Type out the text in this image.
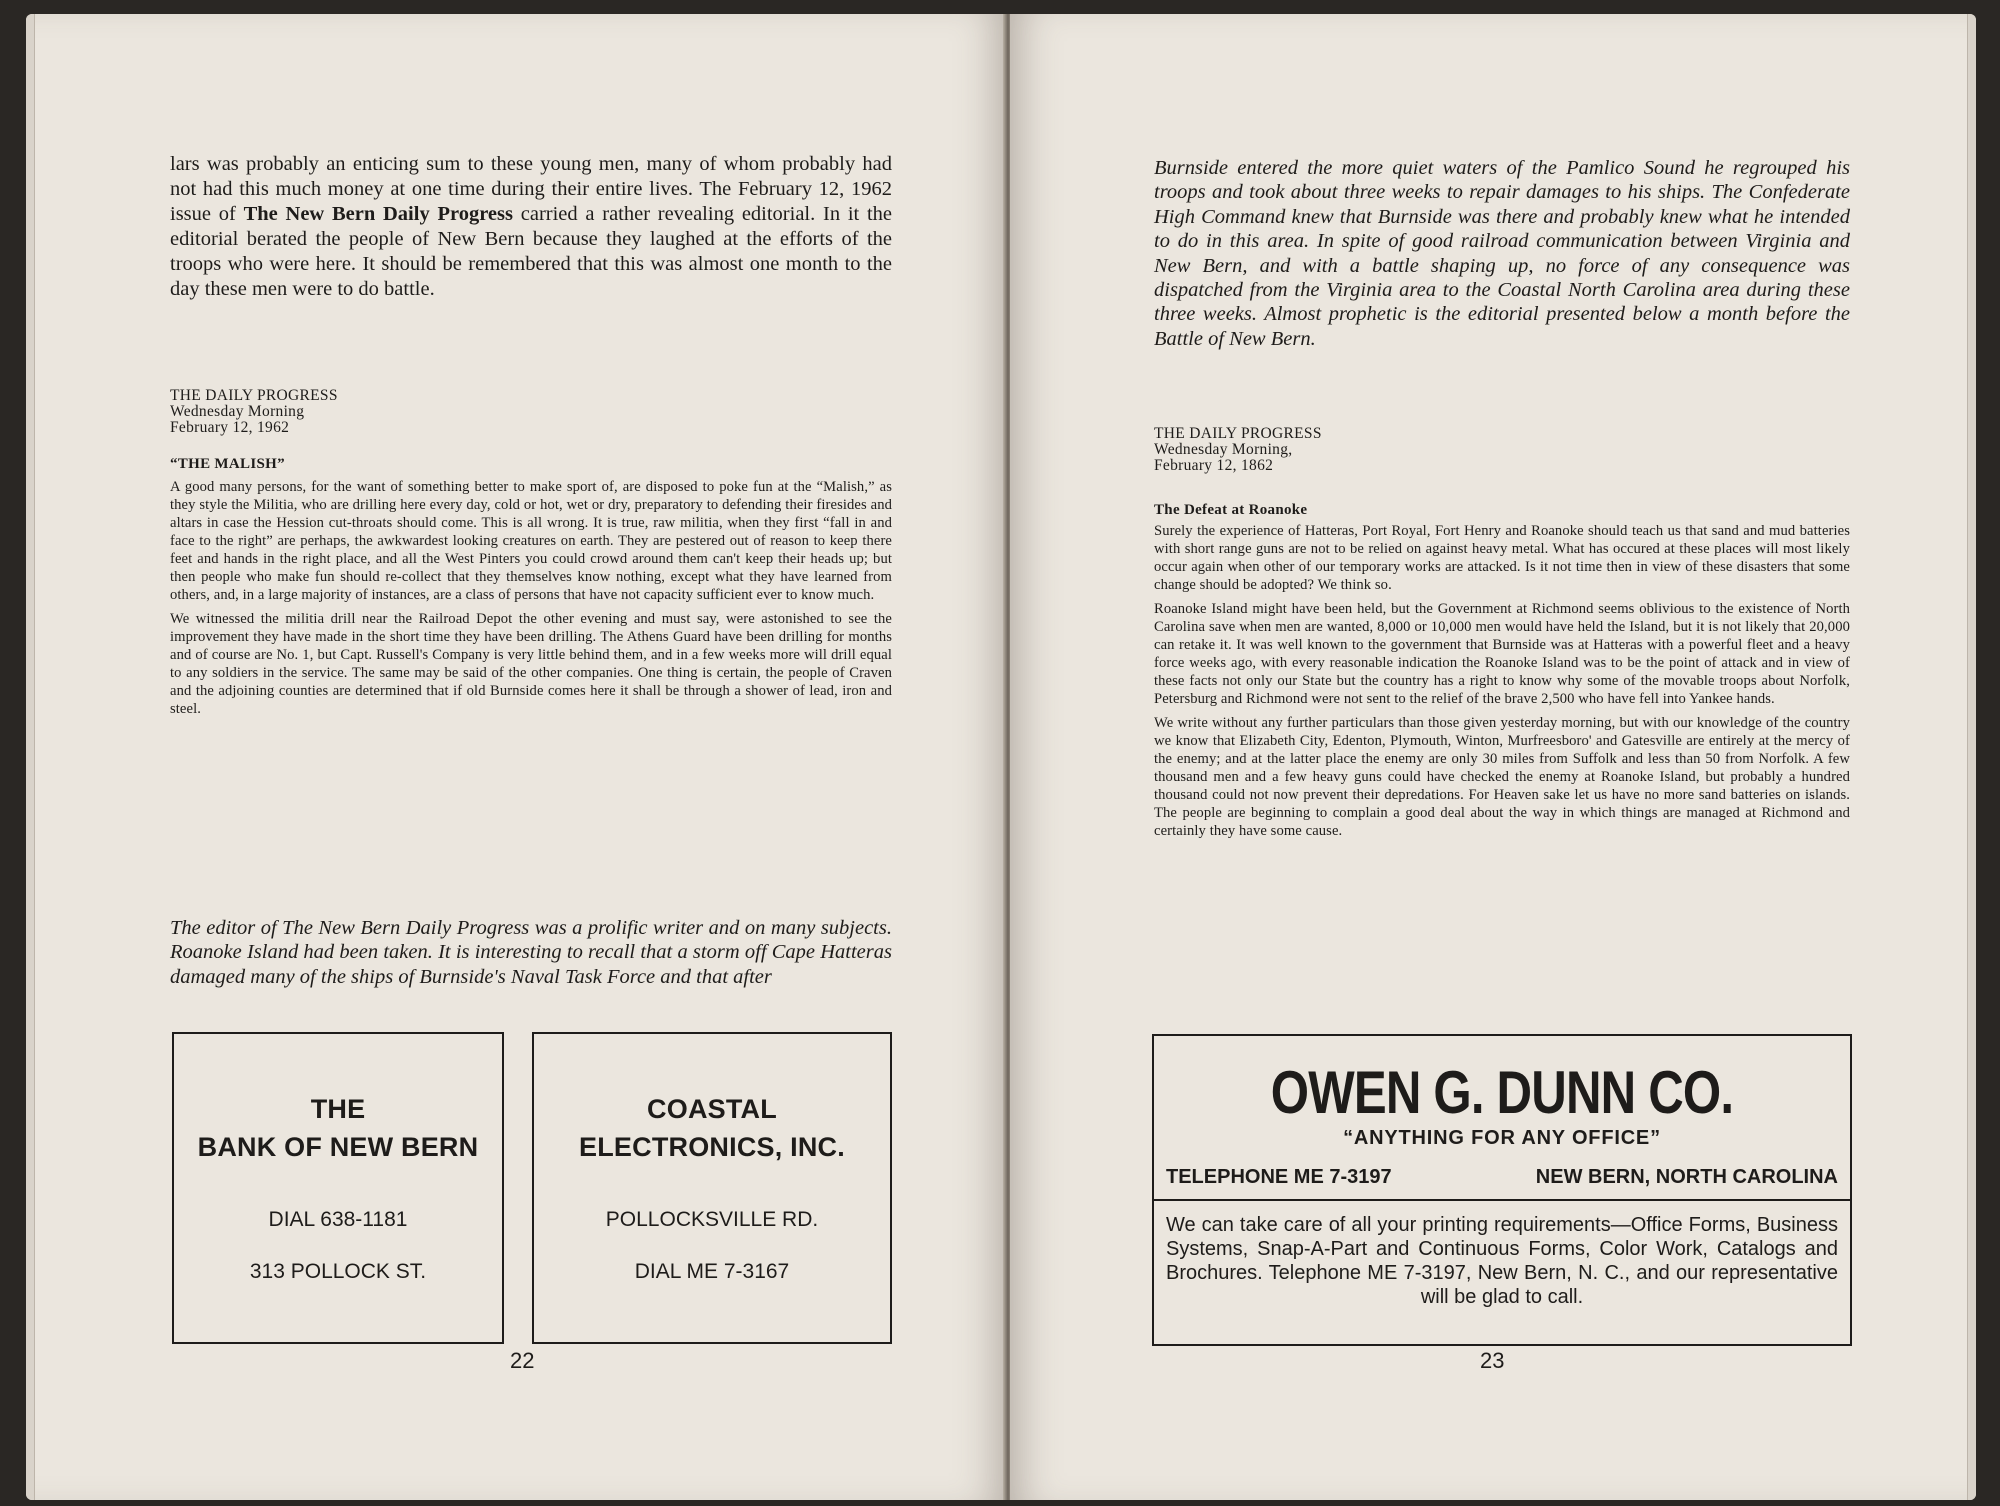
lars was probably an enticing sum to these young men, many of whom probably had not had this much money at one time during their entire lives. The February 12, 1962 issue of The New Bern Daily Progress carried a rather revealing editorial. In it the editorial berated the people of New Bern because they laughed at the efforts of the troops who were here. It should be remembered that this was almost one month to the day these men were to do battle.
THE DAILY PROGRESS
Wednesday Morning
February 12, 1962
“THE MALISH”

A good many persons, for the want of something better to make sport of, are disposed to poke fun at the “Malish,” as they style the Militia, who are drilling here every day, cold or hot, wet or dry, preparatory to defending their firesides and altars in case the Hession cut-throats should come. This is all wrong. It is true, raw militia, when they first “fall in and face to the right” are perhaps, the awkwardest looking creatures on earth. They are pestered out of reason to keep there feet and hands in the right place, and all the West Pinters you could crowd around them can't keep their heads up; but then people who make fun should re-collect that they themselves know nothing, except what they have learned from others, and, in a large majority of instances, are a class of persons that have not capacity sufficient ever to know much.

We witnessed the militia drill near the Railroad Depot the other evening and must say, were astonished to see the improvement they have made in the short time they have been drilling. The Athens Guard have been drilling for months and of course are No. 1, but Capt. Russell's Company is very little behind them, and in a few weeks more will drill equal to any soldiers in the service. The same may be said of the other companies. One thing is certain, the people of Craven and the adjoining counties are determined that if old Burnside comes here it shall be through a shower of lead, iron and steel.

The editor of The New Bern Daily Progress was a prolific writer and on many subjects. Roanoke Island had been taken. It is interesting to recall that a storm off Cape Hatteras damaged many of the ships of Burnside's Naval Task Force and that after
THE
BANK OF NEW BERN
DIAL 638-1181
313 POLLOCK ST.
COASTAL
ELECTRONICS, INC.
POLLOCKSVILLE RD.
DIAL ME 7-3167
22
Burnside entered the more quiet waters of the Pamlico Sound he regrouped his troops and took about three weeks to repair damages to his ships. The Confederate High Command knew that Burnside was there and probably knew what he intended to do in this area. In spite of good railroad communication between Virginia and New Bern, and with a battle shaping up, no force of any consequence was dispatched from the Virginia area to the Coastal North Carolina area during these three weeks. Almost prophetic is the editorial presented below a month before the Battle of New Bern.
THE DAILY PROGRESS
Wednesday Morning,
February 12, 1862
The Defeat at Roanoke

Surely the experience of Hatteras, Port Royal, Fort Henry and Roanoke should teach us that sand and mud batteries with short range guns are not to be relied on against heavy metal. What has occured at these places will most likely occur again when other of our temporary works are attacked. Is it not time then in view of these disasters that some change should be adopted? We think so.

Roanoke Island might have been held, but the Government at Richmond seems oblivious to the existence of North Carolina save when men are wanted, 8,000 or 10,000 men would have held the Island, but it is not likely that 20,000 can retake it. It was well known to the government that Burnside was at Hatteras with a powerful fleet and a heavy force weeks ago, with every reasonable indication the Roanoke Island was to be the point of attack and in view of these facts not only our State but the country has a right to know why some of the movable troops about Norfolk, Petersburg and Richmond were not sent to the relief of the brave 2,500 who have fell into Yankee hands.

We write without any further particulars than those given yesterday morning, but with our knowledge of the country we know that Elizabeth City, Edenton, Plymouth, Winton, Murfreesboro' and Gatesville are entirely at the mercy of the enemy; and at the latter place the enemy are only 30 miles from Suffolk and less than 50 from Norfolk. A few thousand men and a few heavy guns could have checked the enemy at Roanoke Island, but probably a hundred thousand could not now prevent their depredations. For Heaven sake let us have no more sand batteries on islands. The people are beginning to complain a good deal about the way in which things are managed at Richmond and certainly they have some cause.

OWEN G. DUNN CO.
“ANYTHING FOR ANY OFFICE”
TELEPHONE ME 7-3197	NEW BERN, NORTH CAROLINA
We can take care of all your printing requirements—Office Forms, Business Systems, Snap-A-Part and Continuous Forms, Color Work, Catalogs and Brochures. Telephone ME 7-3197, New Bern, N. C., and our representative will be glad to call.
23
